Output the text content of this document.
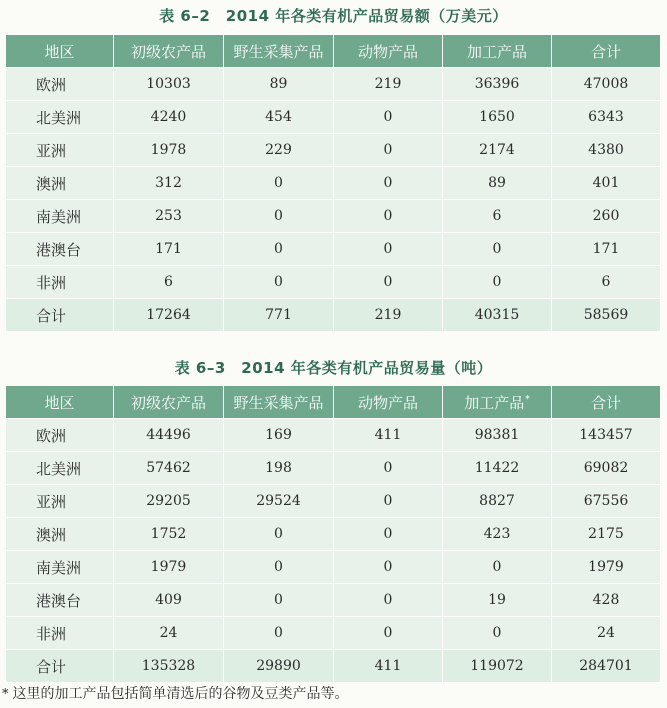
表 6–2　2014 年各类有机产品贸易额（万美元）
地区	初级农产品	野生采集产品	动物产品	加工产品	合计
欧洲	10303	89	219	36396	47008
北美洲	4240	454	0	1650	6343
亚洲	1978	229	0	2174	4380
澳洲	312	0	0	89	401
南美洲	253	0	0	6	260
港澳台	171	0	0	0	171
非洲	6	0	0	0	6
合计	17264	771	219	40315	58569
表 6–3　2014 年各类有机产品贸易量（吨）
地区	初级农产品	野生采集产品	动物产品	加工产品*	合计
欧洲	44496	169	411	98381	143457
北美洲	57462	198	0	11422	69082
亚洲	29205	29524	0	8827	67556
澳洲	1752	0	0	423	2175
南美洲	1979	0	0	0	1979
港澳台	409	0	0	19	428
非洲	24	0	0	0	24
合计	135328	29890	411	119072	284701
* 这里的加工产品包括简单清选后的谷物及豆类产品等。
